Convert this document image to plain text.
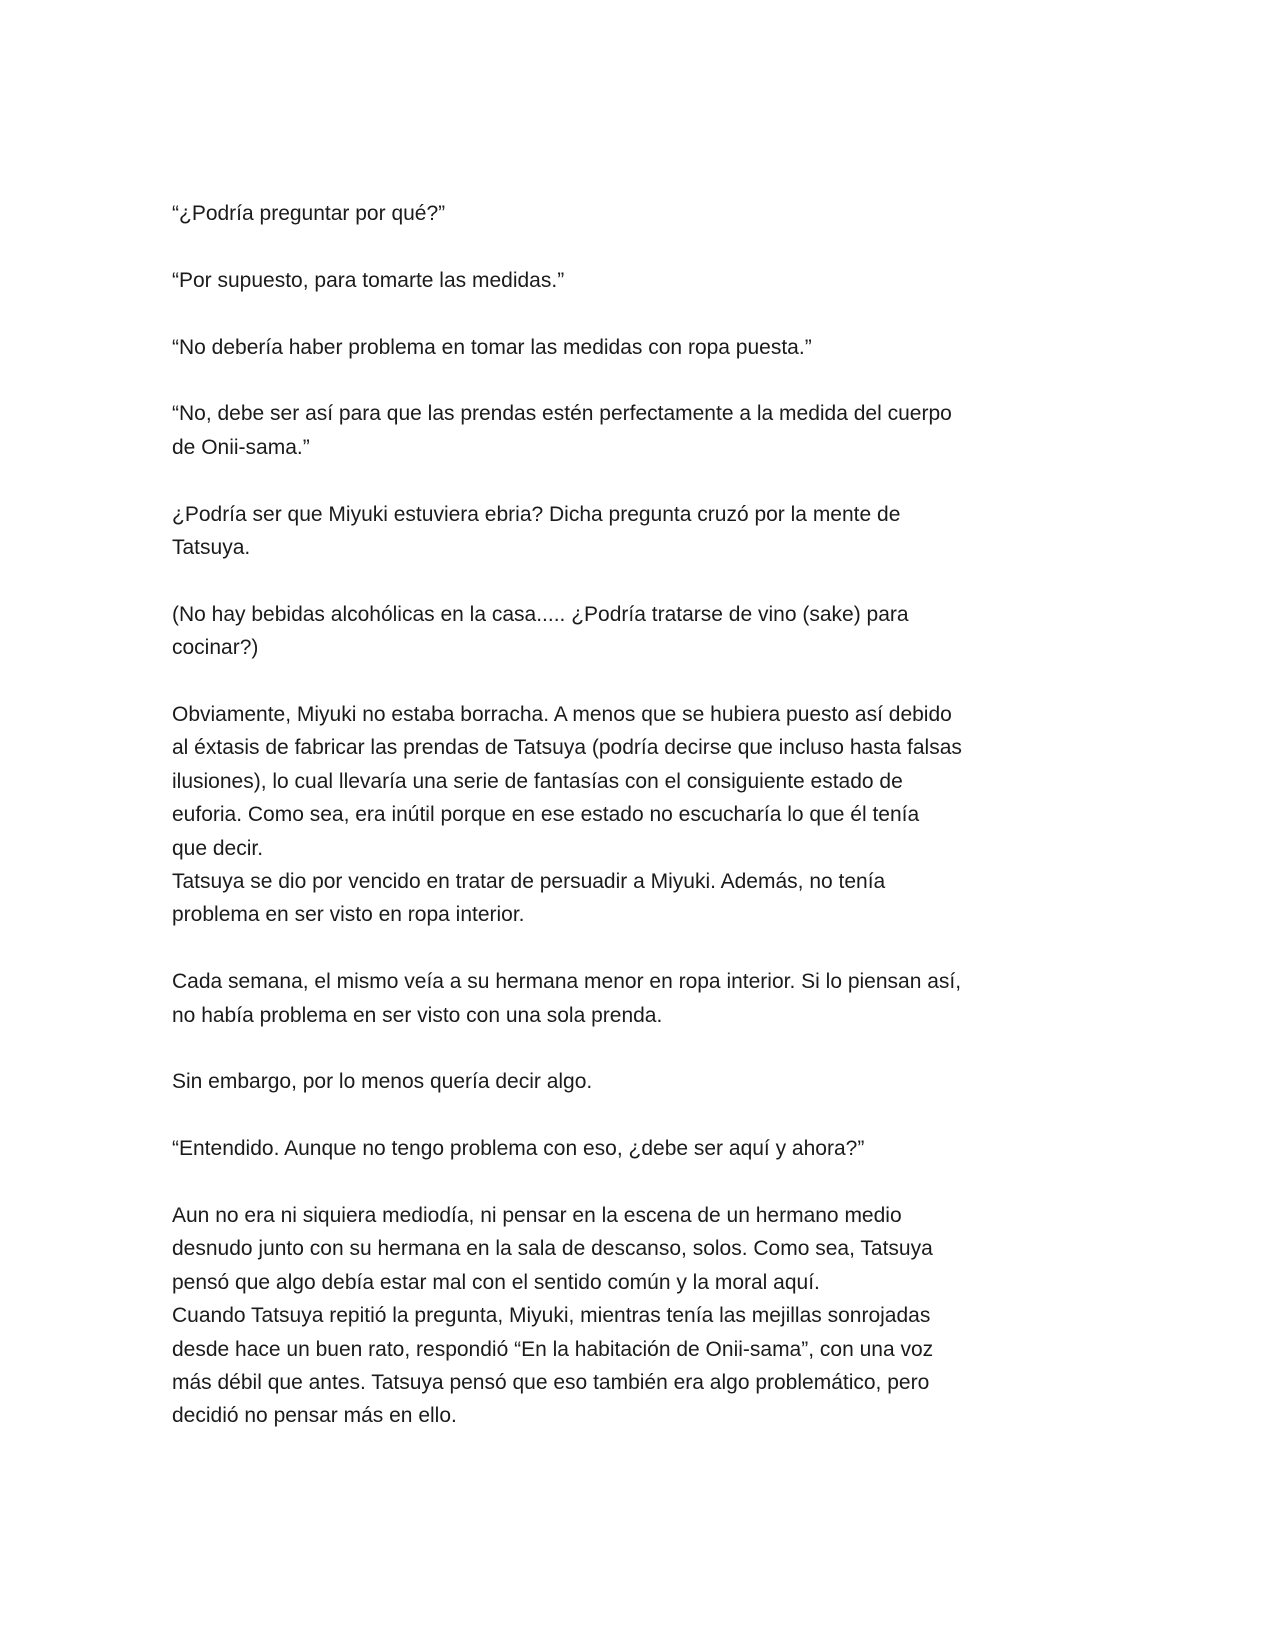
“¿Podría preguntar por qué?”
“Por supuesto, para tomarte las medidas.”
“No debería haber problema en tomar las medidas con ropa puesta.”
“No, debe ser así para que las prendas estén perfectamente a la medida del cuerpo
de Onii-sama.”
¿Podría ser que Miyuki estuviera ebria? Dicha pregunta cruzó por la mente de
Tatsuya.
(No hay bebidas alcohólicas en la casa..... ¿Podría tratarse de vino (sake) para
cocinar?)
Obviamente, Miyuki no estaba borracha. A menos que se hubiera puesto así debido
al éxtasis de fabricar las prendas de Tatsuya (podría decirse que incluso hasta falsas
ilusiones), lo cual llevaría una serie de fantasías con el consiguiente estado de
euforia. Como sea, era inútil porque en ese estado no escucharía lo que él tenía
que decir.
Tatsuya se dio por vencido en tratar de persuadir a Miyuki. Además, no tenía
problema en ser visto en ropa interior.
Cada semana, el mismo veía a su hermana menor en ropa interior. Si lo piensan así,
no había problema en ser visto con una sola prenda.
Sin embargo, por lo menos quería decir algo.
“Entendido. Aunque no tengo problema con eso, ¿debe ser aquí y ahora?”
Aun no era ni siquiera mediodía, ni pensar en la escena de un hermano medio
desnudo junto con su hermana en la sala de descanso, solos. Como sea, Tatsuya
pensó que algo debía estar mal con el sentido común y la moral aquí.
Cuando Tatsuya repitió la pregunta, Miyuki, mientras tenía las mejillas sonrojadas
desde hace un buen rato, respondió “En la habitación de Onii-sama”, con una voz
más débil que antes. Tatsuya pensó que eso también era algo problemático, pero
decidió no pensar más en ello.
